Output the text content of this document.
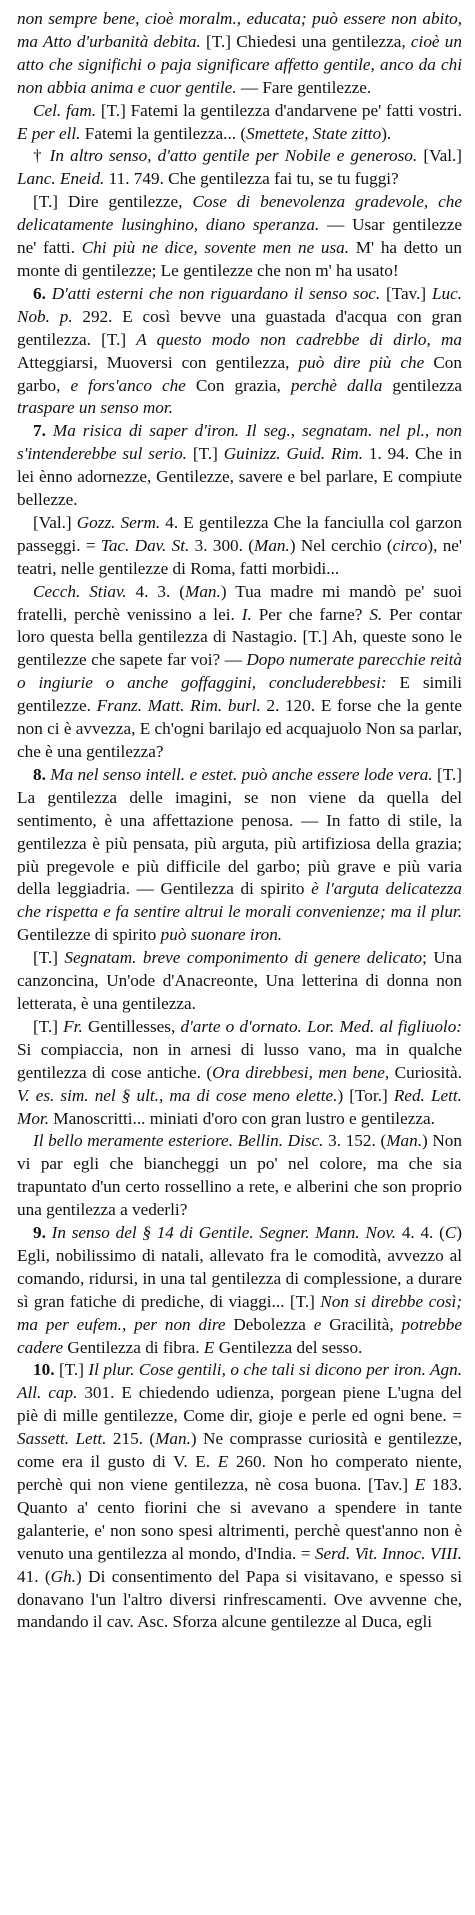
non sempre bene, cioè moralm., educata; può essere non abito, ma Atto d'urbanità debita. [T.] Chiedesi una gentilezza, cioè un atto che significhi o paja significare affetto gentile, anco da chi non abbia anima e cuor gentile. — Fare gentilezze.

Cel. fam. [T.] Fatemi la gentilezza d'andarvene pe' fatti vostri. E per ell. Fatemi la gentilezza... (Smettete, State zitto).

† In altro senso, d'atto gentile per Nobile e generoso. [Val.] Lanc. Eneid. 11. 749. Che gentilezza fai tu, se tu fuggi?

[T.] Dire gentilezze, Cose di benevolenza gradevole, che delicatamente lusinghino, diano speranza. — Usar gentilezze ne' fatti. Chi più ne dice, sovente men ne usa. M' ha detto un monte di gentilezze; Le gentilezze che non m' ha usato!

6. D'atti esterni che non riguardano il senso soc. [Tav.] Luc. Nob. p. 292. E così bevve una guastada d'acqua con gran gentilezza. [T.] A questo modo non cadrebbe di dirlo, ma Atteggiarsi, Muoversi con gentilezza, può dire più che Con garbo, e fors'anco che Con grazia, perchè dalla gentilezza traspare un senso mor.

7. Ma risica di saper d'iron. Il seg., segnatam. nel pl., non s'intenderebbe sul serio. [T.] Guinizz. Guid. Rim. 1. 94. Che in lei ènno adornezze, Gentilezze, savere e bel parlare, E compiute bellezze.

[Val.] Gozz. Serm. 4. E gentilezza Che la fanciulla col garzon passeggi. = Tac. Dav. St. 3. 300. (Man.) Nel cerchio (circo), ne' teatri, nelle gentilezze di Roma, fatti morbidi...

Cecch. Stiav. 4. 3. (Man.) Tua madre mi mandò pe' suoi fratelli, perchè venissino a lei. I. Per che farne? S. Per contar loro questa bella gentilezza di Nastagio. [T.] Ah, queste sono le gentilezze che sapete far voi? — Dopo numerate parecchie reità o ingiurie o anche goffaggini, concluderebbesi: E simili gentilezze. Franz. Matt. Rim. burl. 2. 120. E forse che la gente non ci è avvezza, E ch'ogni barilajo ed acquajuolo Non sa parlar, che è una gentilezza?

8. Ma nel senso intell. e estet. può anche essere lode vera. [T.] La gentilezza delle imagini, se non viene da quella del sentimento, è una affettazione penosa. — In fatto di stile, la gentilezza è più pensata, più arguta, più artifiziosa della grazia; più pregevole e più difficile del garbo; più grave e più varia della leggiadria. — Gentilezza di spirito è l'arguta delicatezza che rispetta e fa sentire altrui le morali convenienze; ma il plur. Gentilezze di spirito può suonare iron.

[T.] Segnatam. breve componimento di genere delicato; Una canzoncina, Un'ode d'Anacreonte, Una letterina di donna non letterata, è una gentilezza.

[T.] Fr. Gentillesses, d'arte o d'ornato. Lor. Med. al figliuolo: Si compiaccia, non in arnesi di lusso vano, ma in qualche gentilezza di cose antiche. (Ora direbbesi, men bene, Curiosità. V. es. sim. nel § ult., ma di cose meno elette.) [Tor.] Red. Lett. Mor. Manoscritti... miniati d'oro con gran lustro e gentilezza.

Il bello meramente esteriore. Bellin. Disc. 3. 152. (Man.) Non vi par egli che biancheggi un po' nel colore, ma che sia trapuntato d'un certo rossellino a rete, e alberini che son proprio una gentilezza a vederli?

9. In senso del § 14 di Gentile. Segner. Mann. Nov. 4. 4. (C) Egli, nobilissimo di natali, allevato fra le comodità, avvezzo al comando, ridursi, in una tal gentilezza di complessione, a durare sì gran fatiche di prediche, di viaggi... [T.] Non si direbbe così; ma per eufem., per non dire Debolezza e Gracilità, potrebbe cadere Gentilezza di fibra. E Gentilezza del sesso.

10. [T.] Il plur. Cose gentili, o che tali si dicono per iron. Agn. All. cap. 301. E chiedendo udienza, porgean piene L'ugna del piè di mille gentilezze, Come dir, gioje e perle ed ogni bene. = Sassett. Lett. 215. (Man.) Ne comprasse curiosità e gentilezze, come era il gusto di V. E. E 260. Non ho comperato niente, perchè qui non viene gentilezza, nè cosa buona. [Tav.] E 183. Quanto a' cento fiorini che si avevano a spendere in tante galanterie, e' non sono spesi altrimenti, perchè quest'anno non è venuto una gentilezza al mondo, d'India. = Serd. Vit. Innoc. VIII. 41. (Gh.) Di consentimento del Papa si visitavano, e spesso si donavano l'un l'altro diversi rinfrescamenti. Ove avvenne che, mandando il cav. Asc. Sforza alcune gentilezze al Duca, egli
